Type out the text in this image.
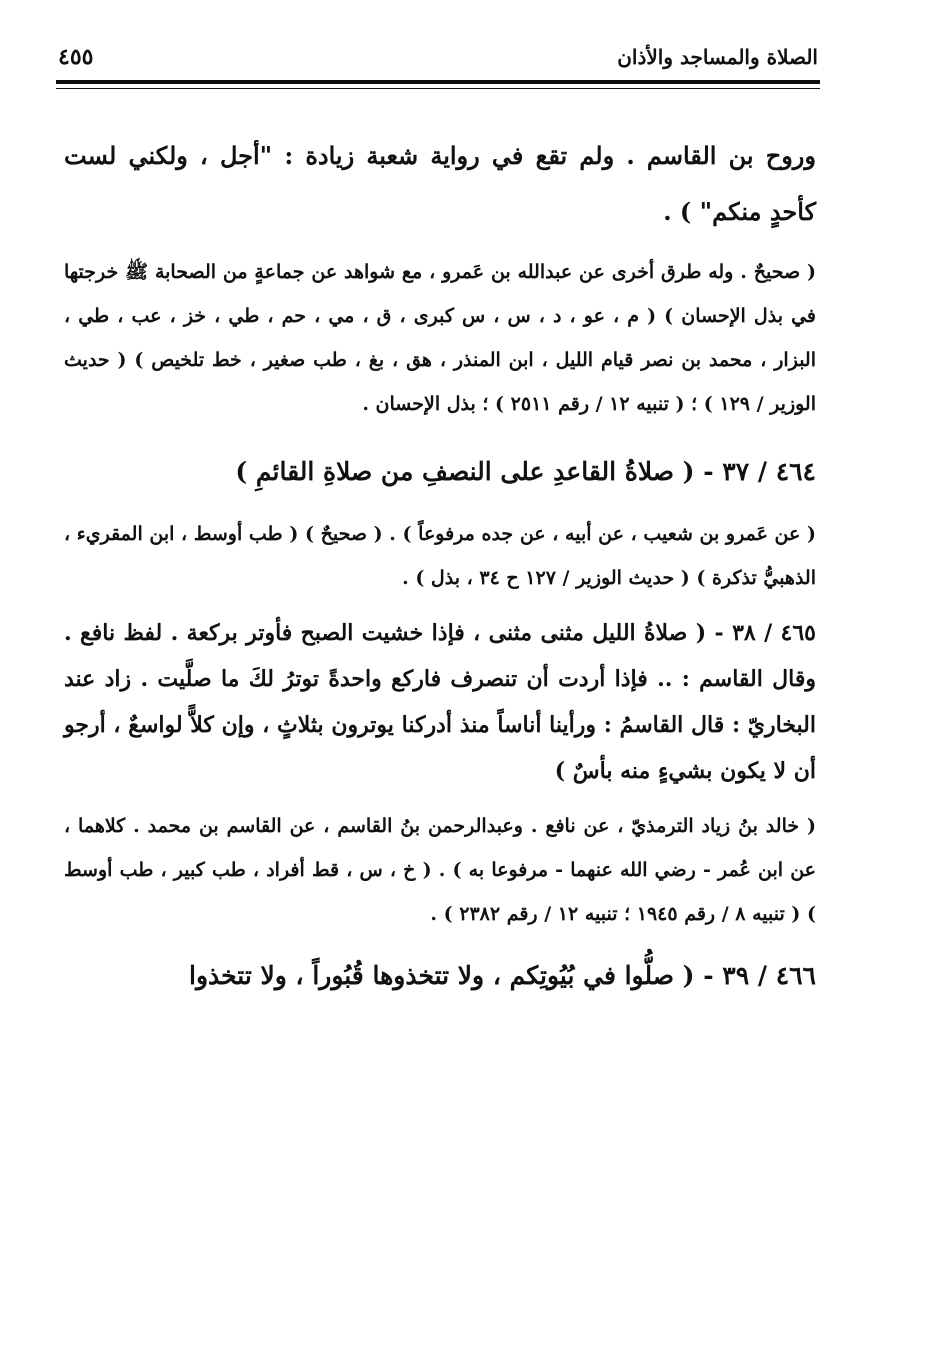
الصلاة والمساجد والأذان
٤٥٥

وروح بن القاسم . ولم تقع في رواية شعبة زيادة : "أجل ، ولكني لست كأحدٍ منكم" ) .

( صحيحٌ . وله طرق أخرى عن عبدالله بن عَمرو ، مع شواهد عن جماعةٍ من الصحابة ﷺ خرجتها في بذل الإحسان ) ( م ، عو ، د ، س ، س كبرى ، ق ، مي ، حم ، طي ، خز ، عب ، طي ، البزار ، محمد بن نصر قيام الليل ، ابن المنذر ، هق ، بغ ، طب صغير ، خط تلخيص ) ( حديث الوزير / ١٢٩ ) ؛ ( تنبيه ١٢ / رقم ٢٥١١ ) ؛ بذل الإحسان .

٤٦٤ / ٣٧ - ( صلاةُ القاعدِ على النصفِ من صلاةِ القائمِ )

( عن عَمرو بن شعيب ، عن أبيه ، عن جده مرفوعاً ) . ( صحيحٌ ) ( طب أوسط ، ابن المقريء ، الذهبيُّ تذكرة ) ( حديث الوزير / ١٢٧ ح ٣٤ ، بذل ) .

٤٦٥ / ٣٨ - ( صلاةُ الليل مثنى مثنى ، فإذا خشيت الصبح فأوتر بركعة . لفظ نافع . وقال القاسم : .. فإذا أردت أن تنصرف فاركع واحدةً توترُ لكَ ما صلَّيت . زاد عند البخاريّ : قال القاسمُ : ورأينا أناساً منذ أدركنا يوترون بثلاثٍ ، وإن كلاًّ لواسعٌ ، أرجو أن لا يكون بشيءٍ منه بأسٌ )

( خالد بنُ زياد الترمذيّ ، عن نافع . وعبدالرحمن بنُ القاسم ، عن القاسم بن محمد . كلاهما ، عن ابن عُمر - رضي الله عنهما - مرفوعا به ) . ( خ ، س ، قط أفراد ، طب كبير ، طب أوسط ) ( تنبيه ٨ / رقم ١٩٤٥ ؛ تنبيه ١٢ / رقم ٢٣٨٢ ) .

٤٦٦ / ٣٩ - ( صلُّوا في بُيُوتِكم ، ولا تتخذوها قُبُوراً ، ولا تتخذوا
